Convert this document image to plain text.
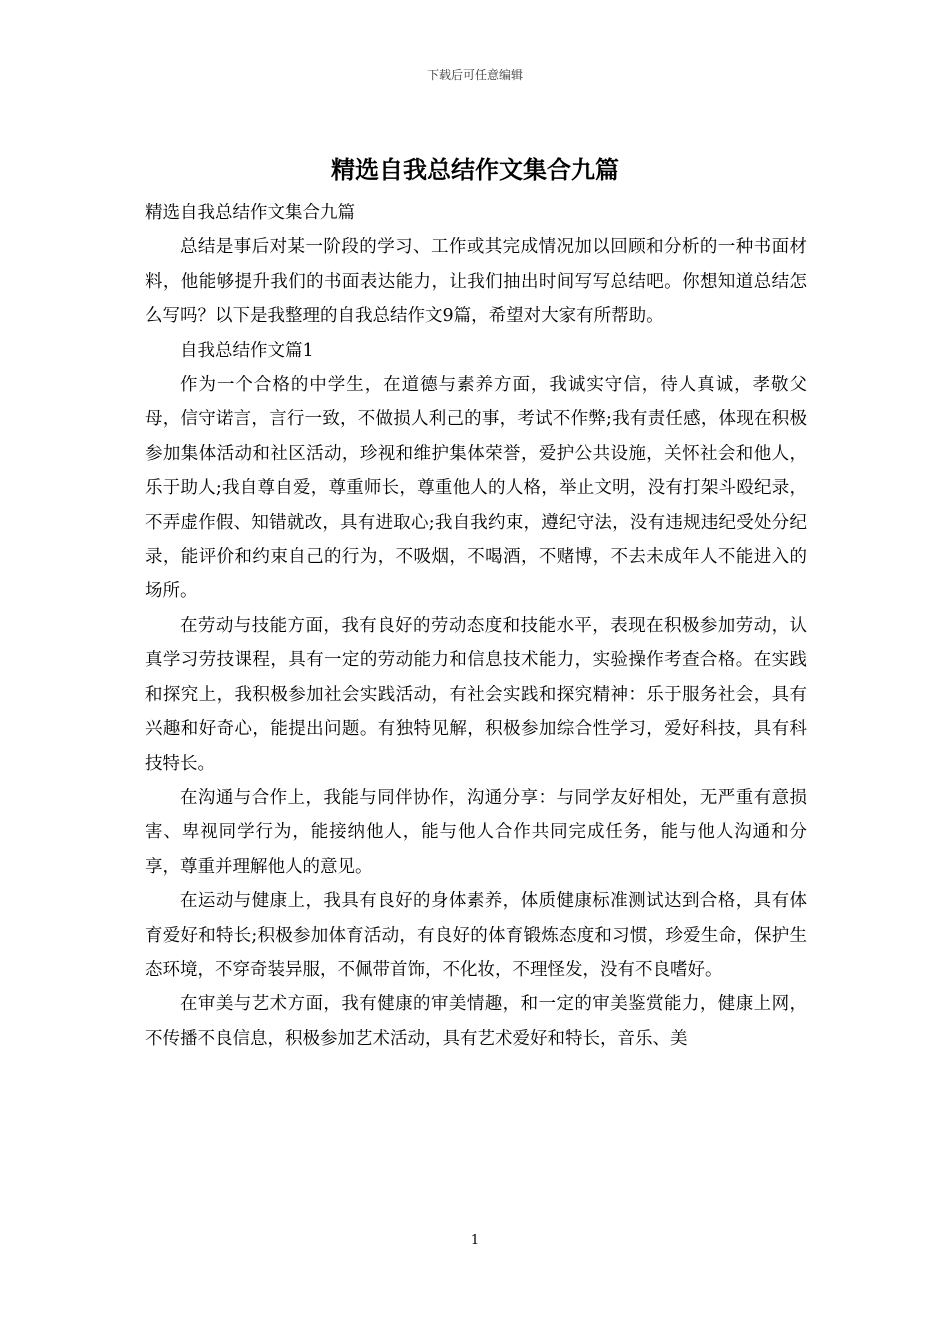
下载后可任意编辑
精选自我总结作文集合九篇

精选自我总结作文集合九篇

总结是事后对某一阶段的学习、工作或其完成情况加以回顾和分析的一种书面材料，他能够提升我们的书面表达能力，让我们抽出时间写写总结吧。你想知道总结怎么写吗？以下是我整理的自我总结作文9篇，希望对大家有所帮助。

自我总结作文篇1

作为一个合格的中学生，在道德与素养方面，我诚实守信，待人真诚，孝敬父母，信守诺言，言行一致，不做损人利己的事，考试不作弊;我有责任感，体现在积极参加集体活动和社区活动，珍视和维护集体荣誉，爱护公共设施，关怀社会和他人，乐于助人;我自尊自爱，尊重师长，尊重他人的人格，举止文明，没有打架斗殴纪录，不弄虚作假、知错就改，具有进取心;我自我约束，遵纪守法，没有违规违纪受处分纪录，能评价和约束自己的行为，不吸烟，不喝酒，不赌博，不去未成年人不能进入的场所。

在劳动与技能方面，我有良好的劳动态度和技能水平，表现在积极参加劳动，认真学习劳技课程，具有一定的劳动能力和信息技术能力，实验操作考查合格。在实践和探究上，我积极参加社会实践活动，有社会实践和探究精神：乐于服务社会，具有兴趣和好奇心，能提出问题。有独特见解，积极参加综合性学习，爱好科技，具有科技特长。

在沟通与合作上，我能与同伴协作，沟通分享：与同学友好相处，无严重有意损害、卑视同学行为，能接纳他人，能与他人合作共同完成任务，能与他人沟通和分享，尊重并理解他人的意见。

在运动与健康上，我具有良好的身体素养，体质健康标准测试达到合格，具有体育爱好和特长;积极参加体育活动，有良好的体育锻炼态度和习惯，珍爱生命，保护生态环境，不穿奇装异服，不佩带首饰，不化妆，不理怪发，没有不良嗜好。

在审美与艺术方面，我有健康的审美情趣，和一定的审美鉴赏能力，健康上网，不传播不良信息，积极参加艺术活动，具有艺术爱好和特长，音乐、美

1
